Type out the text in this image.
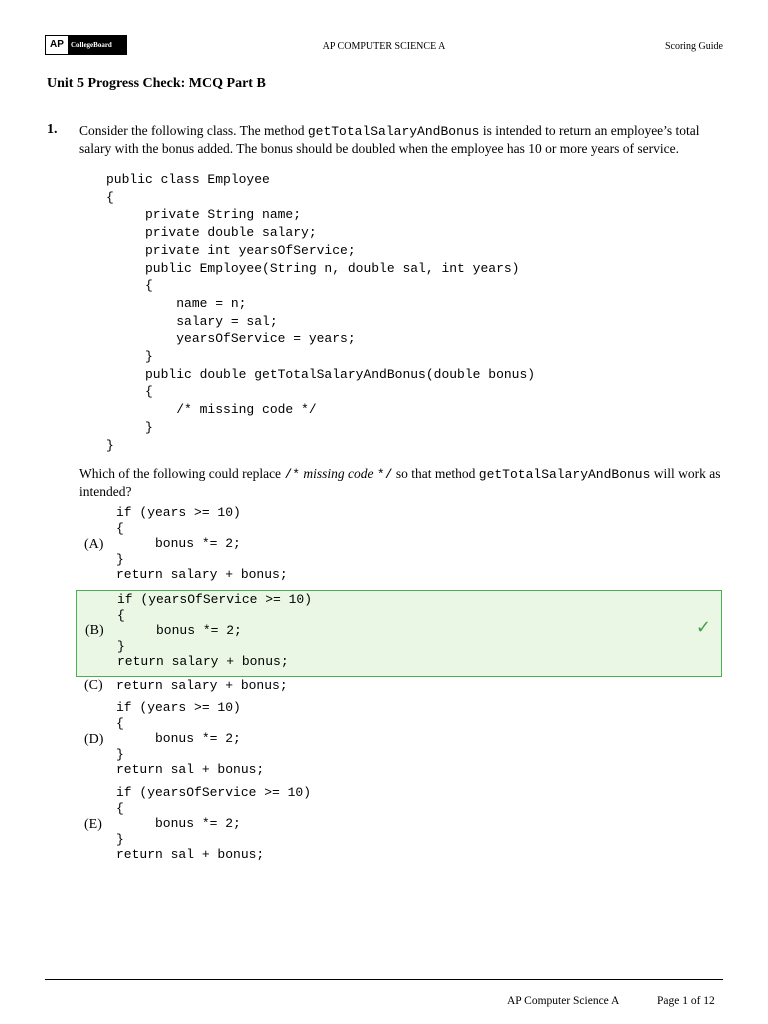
AP	CollegeBoard	AP COMPUTER SCIENCE A	Scoring Guide
Unit 5 Progress Check: MCQ Part B
1. Consider the following class. The method getTotalSalaryAndBonus is intended to return an employee’s total salary with the bonus added. The bonus should be doubled when the employee has 10 or more years of service.
public class Employee
{
private String name;
private double salary;
private int yearsOfService;
public Employee(String n, double sal, int years)
{
name = n;
salary = sal;
yearsOfService = years;
}
public double getTotalSalaryAndBonus(double bonus)
{
/* missing code */
}
}
Which of the following could replace /* missing code */ so that method getTotalSalaryAndBonus will work as intended?
(A)
if (years >= 10)
{
bonus *= 2;
}
return salary + bonus;
(B)
if (yearsOfService >= 10)
{
bonus *= 2;
}
return salary + bonus;
✓
(C) return salary + bonus;
(D)
if (years >= 10)
{
bonus *= 2;
}
return sal + bonus;
(E)
if (yearsOfService >= 10)
{
bonus *= 2;
}
return sal + bonus;
AP Computer Science A	Page 1 of 12
